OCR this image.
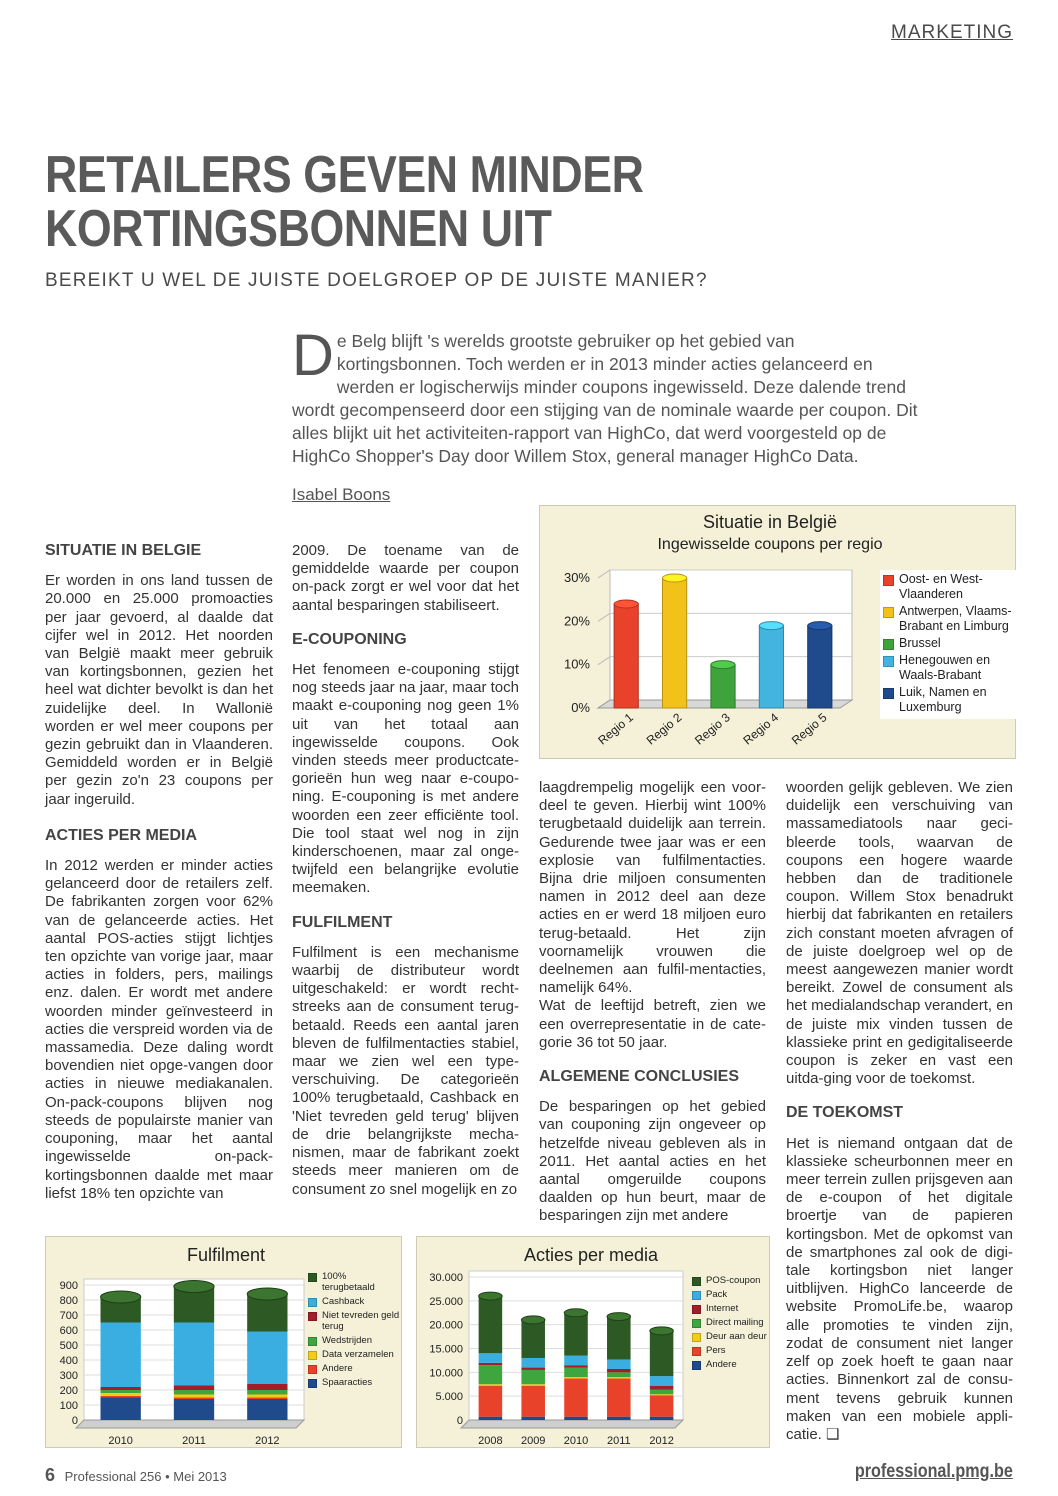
MARKETING
RETAILERS GEVEN MINDER
KORTINGSBONNEN UIT
BEREIKT U WEL DE JUISTE DOELGROEP OP DE JUISTE MANIER?
De Belg blijft 's werelds grootste gebruiker op het gebied van kortingsbonnen. Toch werden er in 2013 minder acties gelanceerd en werden er logischerwijs minder coupons ingewisseld. Deze dalende trend wordt gecompenseerd door een stijging van de nominale waarde per coupon. Dit alles blijkt uit het activiteiten-rapport van HighCo, dat werd voorgesteld op de HighCo Shopper's Day door Willem Stox, general manager HighCo Data.
Isabel Boons
Situatie in België
Ingewisselde coupons per regio
30%
20%
10%
0%
Regio 1 Regio 2 Regio 3 Regio 4 Regio 5
Oost- en West-Vlaanderen
Antwerpen, Vlaams-Brabant en Limburg
Brussel
Henegouwen en Waals-Brabant
Luik, Namen en Luxemburg
SITUATIE IN BELGIE

Er worden in ons land tussen de 20.000 en 25.000 promoacties per jaar gevoerd, al daalde dat cijfer wel in 2012. Het noorden van België maakt meer gebruik van kortingsbonnen, gezien het heel wat dichter bevolkt is dan het zuidelijke deel. In Wallonië worden er wel meer coupons per gezin gebruikt dan in Vlaanderen. Gemiddeld worden er in België per gezin zo'n 23 coupons per jaar ingeruild.

ACTIES PER MEDIA

In 2012 werden er minder acties gelanceerd door de retailers zelf. De fabrikanten zorgen voor 62% van de gelanceerde acties. Het aantal POS-acties stijgt lichtjes ten opzichte van vorige jaar, maar acties in folders, pers, mailings enz. dalen. Er wordt met andere woorden minder geïnvesteerd in acties die verspreid worden via de massamedia. Deze daling wordt bovendien niet opge-vangen door acties in nieuwe mediakanalen. On-pack-coupons blijven nog steeds de populairste manier van couponing, maar het aantal ingewisselde on-pack-kortingsbonnen daalde met maar liefst 18% ten opzichte van

2009. De toename van de gemiddelde waarde per coupon on-pack zorgt er wel voor dat het aantal besparingen stabiliseert.

E-COUPONING

Het fenomeen e-couponing stijgt nog steeds jaar na jaar, maar toch maakt e-couponing nog geen 1% uit van het totaal aan ingewisselde coupons. Ook vinden steeds meer productcate-gorieën hun weg naar e-coupo-ning. E-couponing is met andere woorden een zeer efficiënte tool. Die tool staat wel nog in zijn kinderschoenen, maar zal onge-twijfeld een belangrijke evolutie meemaken.

FULFILMENT

Fulfilment is een mechanisme waarbij de distributeur wordt uitgeschakeld: er wordt recht-streeks aan de consument terug-betaald. Reeds een aantal jaren bleven de fulfilmentacties stabiel, maar we zien wel een type-verschuiving. De categorieën 100% terugbetaald, Cashback en 'Niet tevreden geld terug' blijven de drie belangrijkste mecha-nismen, maar de fabrikant zoekt steeds meer manieren om de consument zo snel mogelijk en zo

laagdrempelig mogelijk een voor-deel te geven. Hierbij wint 100% terugbetaald duidelijk aan terrein. Gedurende twee jaar was er een explosie van fulfilmentacties. Bijna drie miljoen consumenten namen in 2012 deel aan deze acties en er werd 18 miljoen euro terug-betaald. Het zijn voornamelijk vrouwen die deelnemen aan fulfil-mentacties, namelijk 64%.

Wat de leeftijd betreft, zien we een overrepresentatie in de cate-gorie 36 tot 50 jaar.

ALGEMENE CONCLUSIES

De besparingen op het gebied van couponing zijn ongeveer op hetzelfde niveau gebleven als in 2011. Het aantal acties en het aantal omgeruilde coupons daalden op hun beurt, maar de besparingen zijn met andere

woorden gelijk gebleven. We zien duidelijk een verschuiving van massamediatools naar geci-bleerde tools, waarvan de coupons een hogere waarde hebben dan de traditionele coupon. Willem Stox benadrukt hierbij dat fabrikanten en retailers zich constant moeten afvragen of de juiste doelgroep wel op de meest aangewezen manier wordt bereikt. Zowel de consument als het medialandschap verandert, en de juiste mix vinden tussen de klassieke print en gedigitaliseerde coupon is zeker en vast een uitda-ging voor de toekomst.

DE TOEKOMST

Het is niemand ontgaan dat de klassieke scheurbonnen meer en meer terrein zullen prijsgeven aan de e-coupon of het digitale broertje van de papieren kortingsbon. Met de opkomst van de smartphones zal ook de digi-tale kortingsbon niet langer uitblijven. HighCo lanceerde de website PromoLife.be, waarop alle promoties te vinden zijn, zodat de consument niet langer zelf op zoek hoeft te gaan naar acties. Binnenkort zal de consu-ment tevens gebruik kunnen maken van een mobiele appli-catie. ❑

Fulfilment
900
800
700
600
500
400
300
200
100
0
2010	2011	2012
100% terugbetaald
Cashback
Niet tevreden geld terug
Wedstrijden
Data verzamelen
Andere
Spaaracties
Acties per media
30.000
25.000
20.000
15.000
10.000
5.000
0
2008 2009 2010 2011 2012
POS-coupon
Pack
Internet
Direct mailing
Deur aan deur
Pers
Andere
6 Professional 256 • Mei 2013	professional.pmg.be
